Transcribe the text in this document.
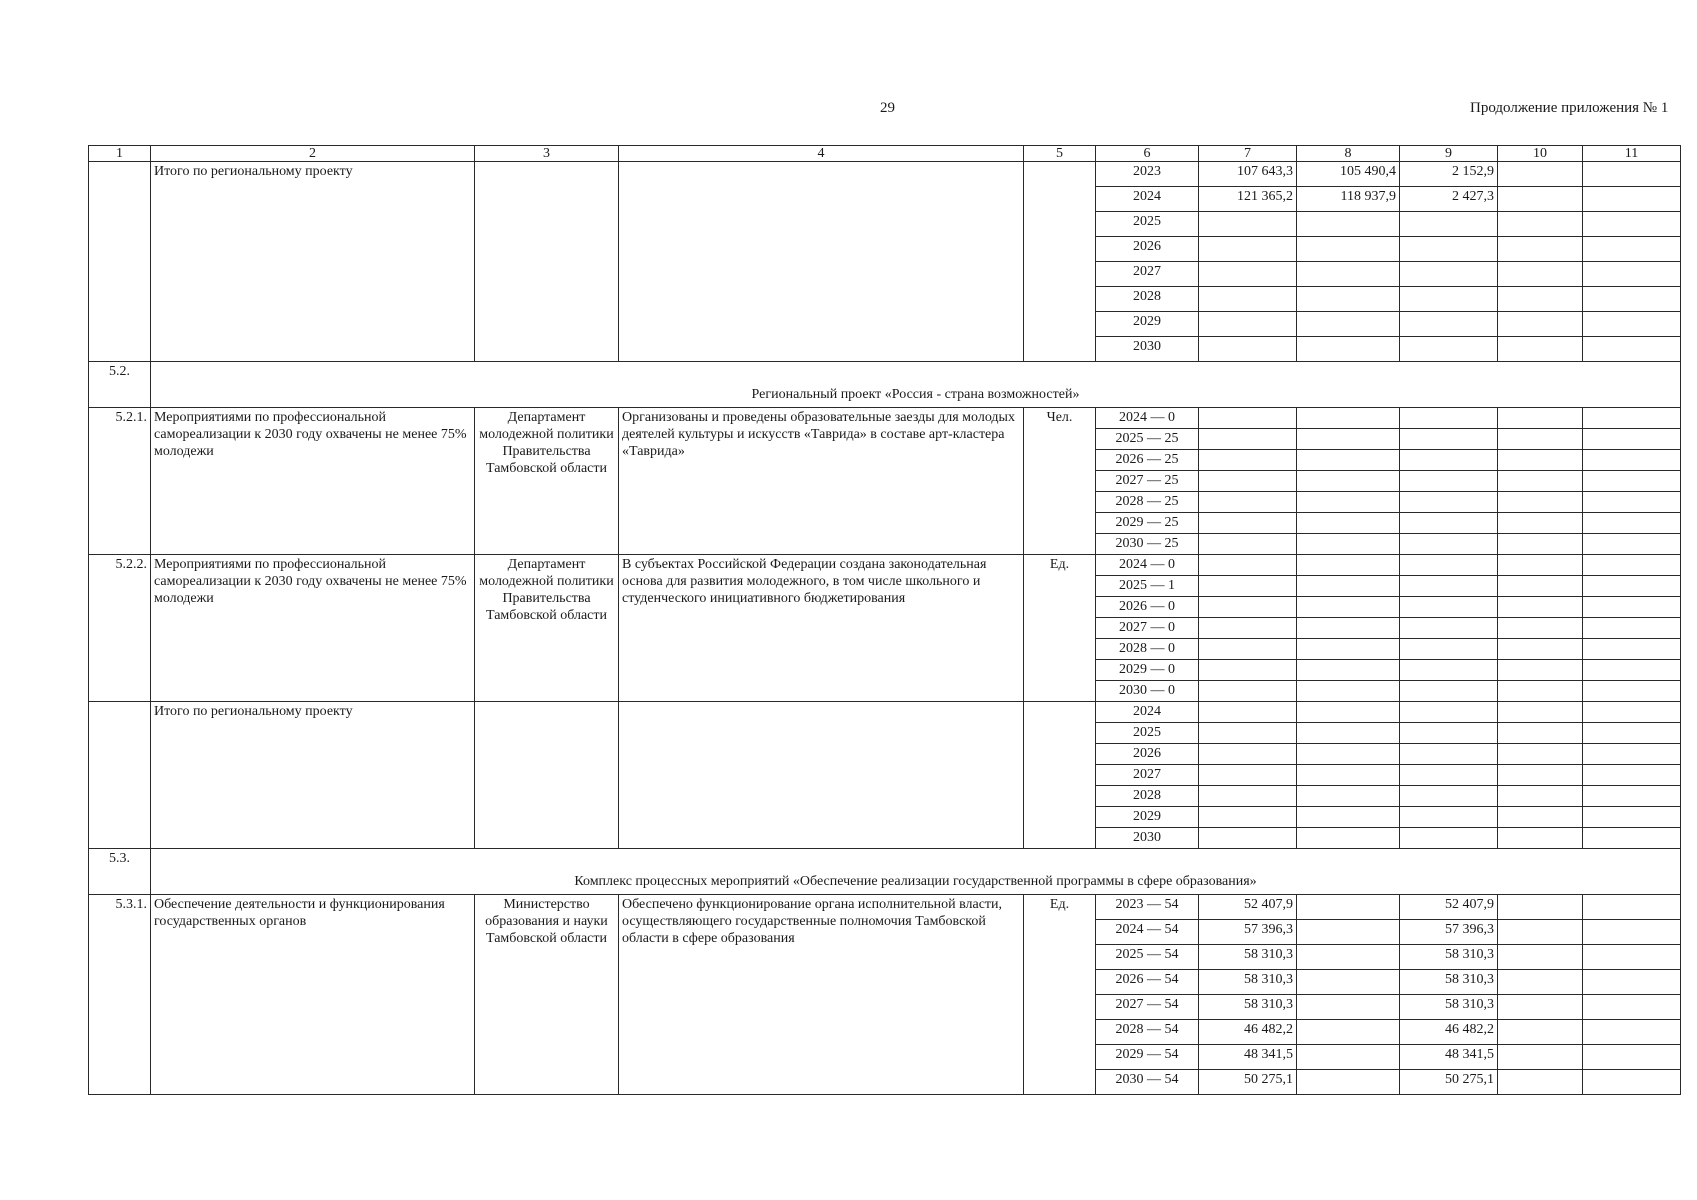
29	Продолжение приложения № 1
1	2	3	4	5	6	7	8	9	10	11
	Итого по региональному проекту				2023	107 643,3	105 490,4	2 152,9		
					2024	121 365,2	118 937,9	2 427,3		
					2025					
					2026					
					2027					
					2028					
					2029					
					2030					
5.2.	Региональный проект «Россия - страна возможностей»									
5.2.1.	Мероприятиями по профессиональной самореализации к 2030 году охвачены не менее 75% молодежи	Департамент молодежной политики Правительства Тамбовской области	Организованы и проведены образовательные заезды для молодых деятелей культуры и искусств «Таврида» в составе арт-кластера «Таврида»	Чел.	2024 — 0					
					2025 — 25					
					2026 — 25					
					2027 — 25					
					2028 — 25					
					2029 — 25					
					2030 — 25					
5.2.2.	Мероприятиями по профессиональной самореализации к 2030 году охвачены не менее 75% молодежи	Департамент молодежной политики Правительства Тамбовской области	В субъектах Российской Федерации создана законодательная основа для развития молодежного, в том числе школьного и студенческого инициативного бюджетирования	Ед.	2024 — 0					
					2025 — 1					
					2026 — 0					
					2027 — 0					
					2028 — 0					
					2029 — 0					
					2030 — 0					
	Итого по региональному проекту				2024					
					2025					
					2026					
					2027					
					2028					
					2029					
					2030					
5.3.	Комплекс процессных мероприятий «Обеспечение реализации государственной программы в сфере образования»									
5.3.1.	Обеспечение деятельности и функционирования государственных органов	Министерство образования и науки Тамбовской области	Обеспечено функционирование органа исполнительной власти, осуществляющего государственные полномочия Тамбовской области в сфере образования	Ед.	2023 — 54	52 407,9		52 407,9		
					2024 — 54	57 396,3		57 396,3		
					2025 — 54	58 310,3		58 310,3		
					2026 — 54	58 310,3		58 310,3		
					2027 — 54	58 310,3		58 310,3		
					2028 — 54	46 482,2		46 482,2		
					2029 — 54	48 341,5		48 341,5		
					2030 — 54	50 275,1		50 275,1		
